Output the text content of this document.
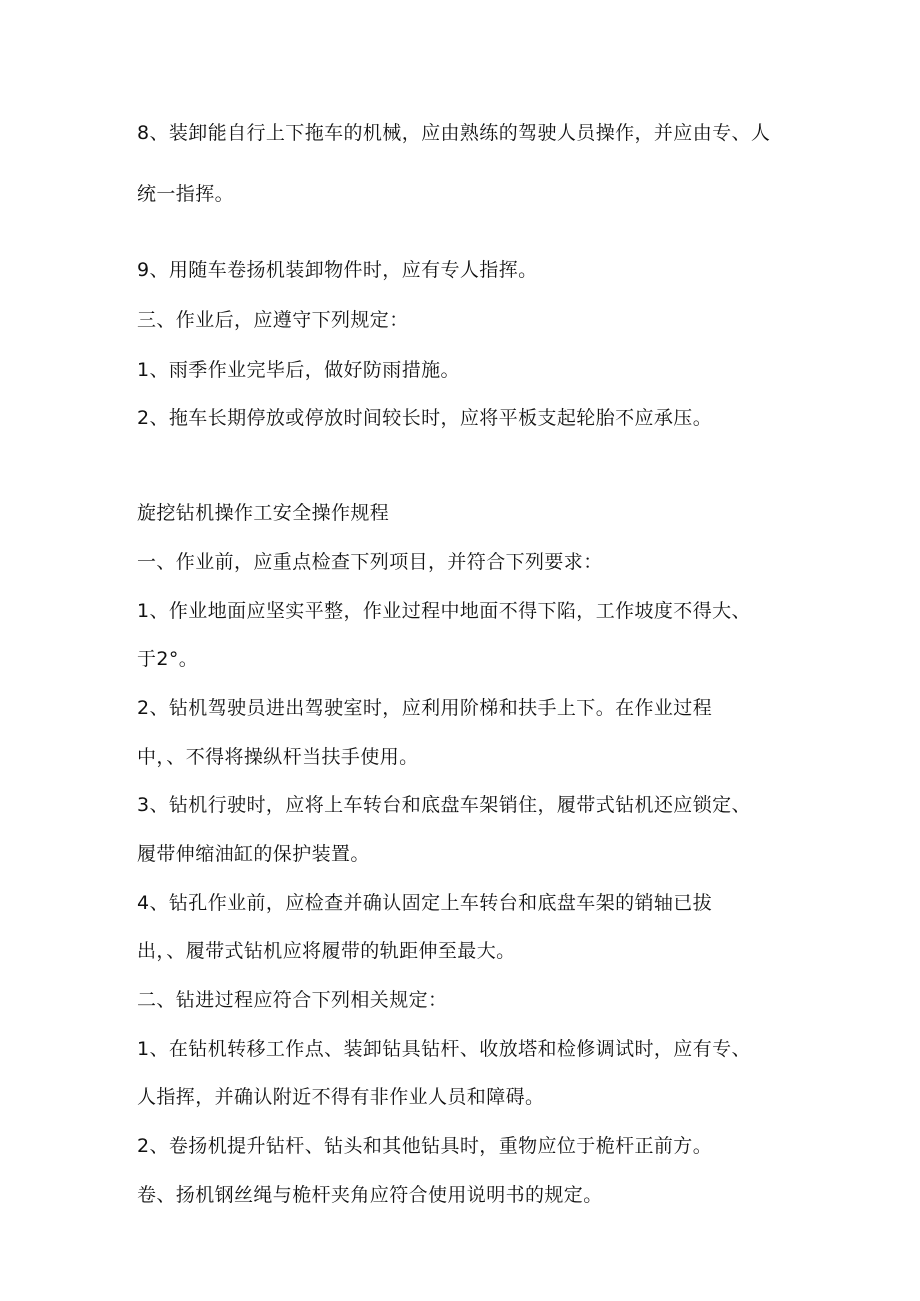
8、装卸能自行上下拖车的机械，应由熟练的驾驶人员操作，并应由专、人

统一指挥。

9、用随车卷扬机装卸物件时，应有专人指挥。

三、作业后，应遵守下列规定：

1、雨季作业完毕后，做好防雨措施。

2、拖车长期停放或停放时间较长时，应将平板支起轮胎不应承压。

旋挖钻机操作工安全操作规程

一、作业前，应重点检查下列项目，并符合下列要求：

1、作业地面应坚实平整，作业过程中地面不得下陷，工作坡度不得大、

于2°。

2、钻机驾驶员进出驾驶室时，应利用阶梯和扶手上下。在作业过程

中，、不得将操纵杆当扶手使用。

3、钻机行驶时，应将上车转台和底盘车架销住，履带式钻机还应锁定、

履带伸缩油缸的保护装置。

4、钻孔作业前，应检查并确认固定上车转台和底盘车架的销轴已拔

出，、履带式钻机应将履带的轨距伸至最大。

二、钻进过程应符合下列相关规定：

1、在钻机转移工作点、装卸钻具钻杆、收放塔和检修调试时，应有专、

人指挥，并确认附近不得有非作业人员和障碍。

2、卷扬机提升钻杆、钻头和其他钻具时，重物应位于桅杆正前方。

卷、扬机钢丝绳与桅杆夹角应符合使用说明书的规定。
